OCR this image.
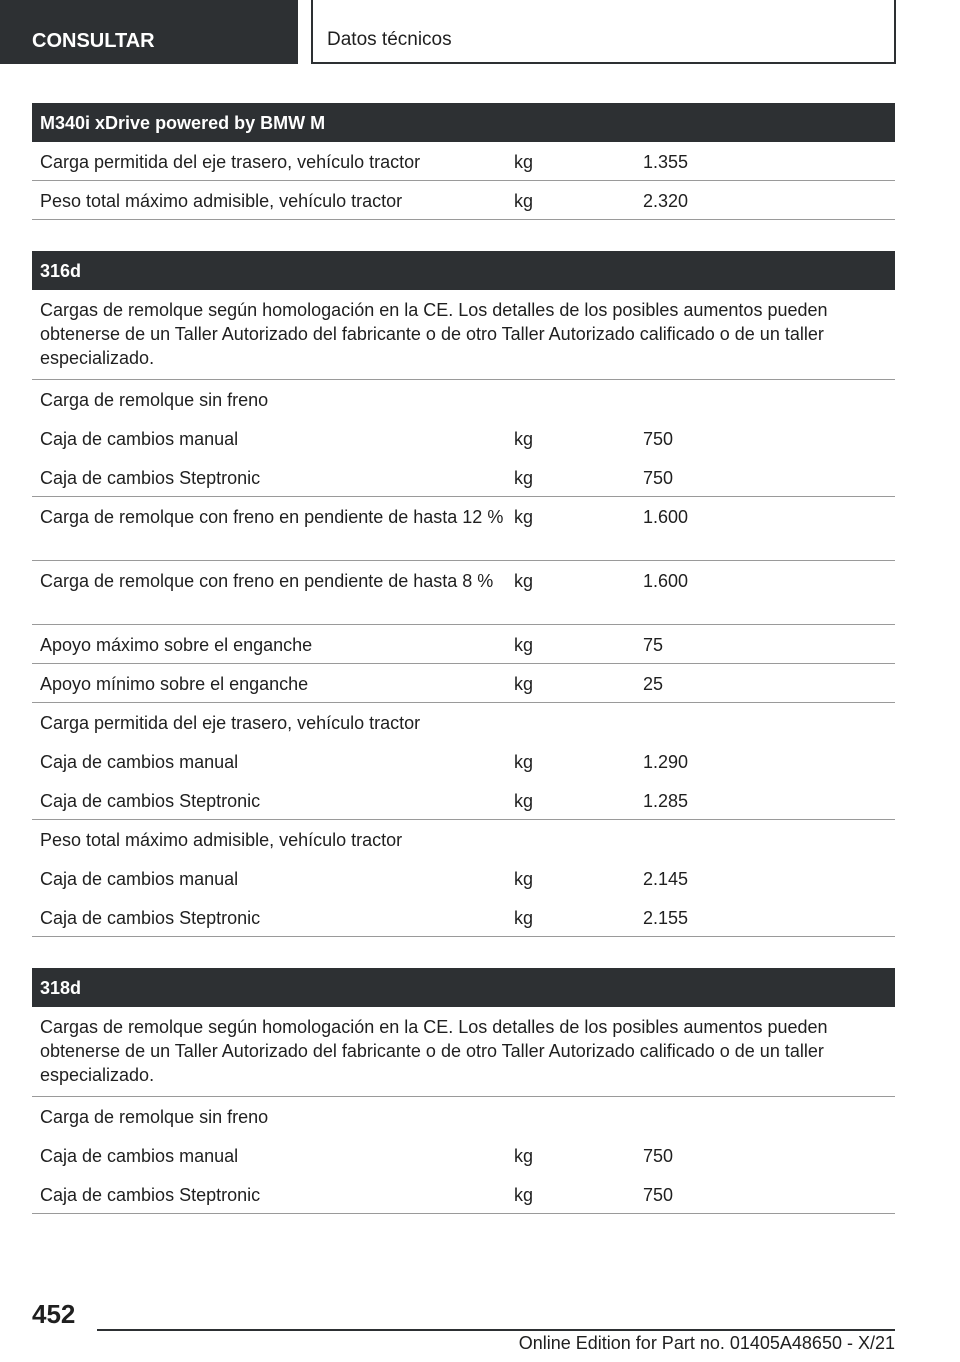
CONSULTAR	Datos técnicos
M340i xDrive powered by BMW M
Carga permitida del eje trasero, vehículo tractor	kg	1.355
Peso total máximo admisible, vehículo tractor	kg	2.320
316d
Cargas de remolque según homologación en la CE. Los detalles de los posibles aumentos pueden obtenerse de un Taller Autorizado del fabricante o de otro Taller Autorizado calificado o de un taller especializado.
Carga de remolque sin freno
Caja de cambios manual	kg	750
Caja de cambios Steptronic	kg	750
Carga de remolque con freno en pendiente de hasta 12 % kg	1.600
Carga de remolque con freno en pendiente de hasta 8 %	kg	1.600
Apoyo máximo sobre el enganche	kg	75
Apoyo mínimo sobre el enganche	kg	25
Carga permitida del eje trasero, vehículo tractor
Caja de cambios manual	kg	1.290
Caja de cambios Steptronic	kg	1.285
Peso total máximo admisible, vehículo tractor
Caja de cambios manual	kg	2.145
Caja de cambios Steptronic	kg	2.155
318d
Cargas de remolque según homologación en la CE. Los detalles de los posibles aumentos pueden obtenerse de un Taller Autorizado del fabricante o de otro Taller Autorizado calificado o de un taller especializado.
Carga de remolque sin freno
Caja de cambios manual	kg	750
Caja de cambios Steptronic	kg	750
452
Online Edition for Part no. 01405A48650 - X/21
